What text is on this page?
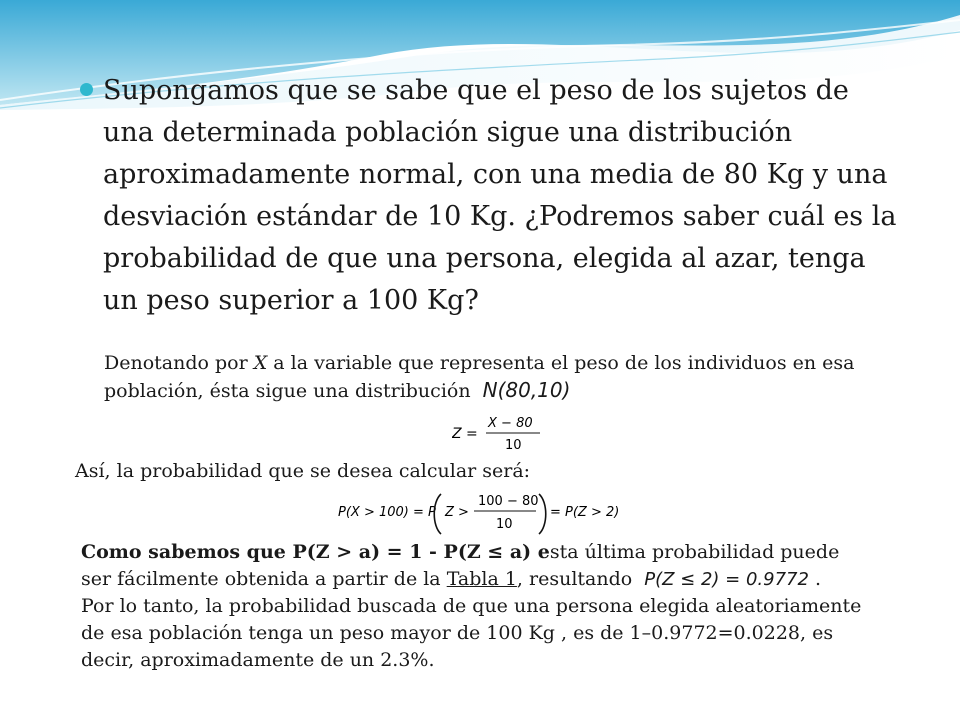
Supongamos que se sabe que el peso de los sujetos de una determinada población sigue una distribución aproximadamente normal, con una media de 80 Kg y una desviación estándar de 10 Kg. ¿Podremos saber cuál es la probabilidad de que una persona, elegida al azar, tenga un peso superior a 100 Kg?
Denotando por X a la variable que representa el peso de los individuos en esa población, ésta sigue una distribución N(80,10)
Z =
X − 80
10
Así, la probabilidad que se desea calcular será:
P(X > 100) = P Z >
100 − 80
10
= P(Z > 2)
Como sabemos que P(Z > a) = 1 - P(Z ≤ a) esta última probabilidad puede ser fácilmente obtenida a partir de la Tabla 1, resultando P(Z ≤ 2) = 0.9772 .
Por lo tanto, la probabilidad buscada de que una persona elegida aleatoriamente de esa población tenga un peso mayor de 100 Kg , es de 1–0.9772=0.0228, es decir, aproximadamente de un 2.3%.
